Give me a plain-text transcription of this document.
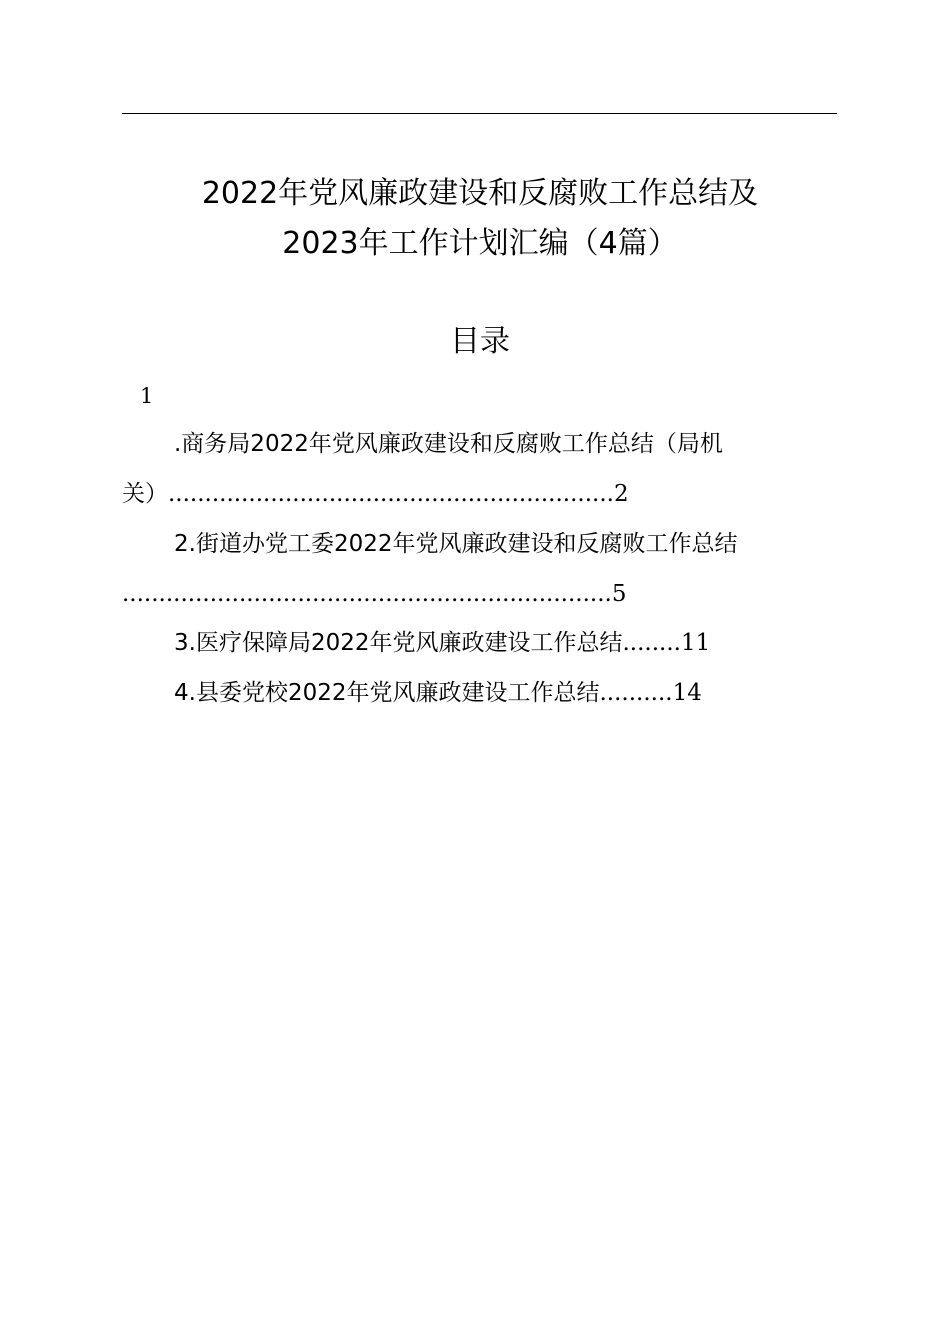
2022年党风廉政建设和反腐败工作总结及
2023年工作计划汇编（4篇）
目录
1
.商务局2022年党风廉政建设和反腐败工作总结（局机
关）.............................................................2
2.街道办党工委2022年党风廉政建设和反腐败工作总结
...................................................................5
3.医疗保障局2022年党风廉政建设工作总结........11
4.县委党校2022年党风廉政建设工作总结..........14
